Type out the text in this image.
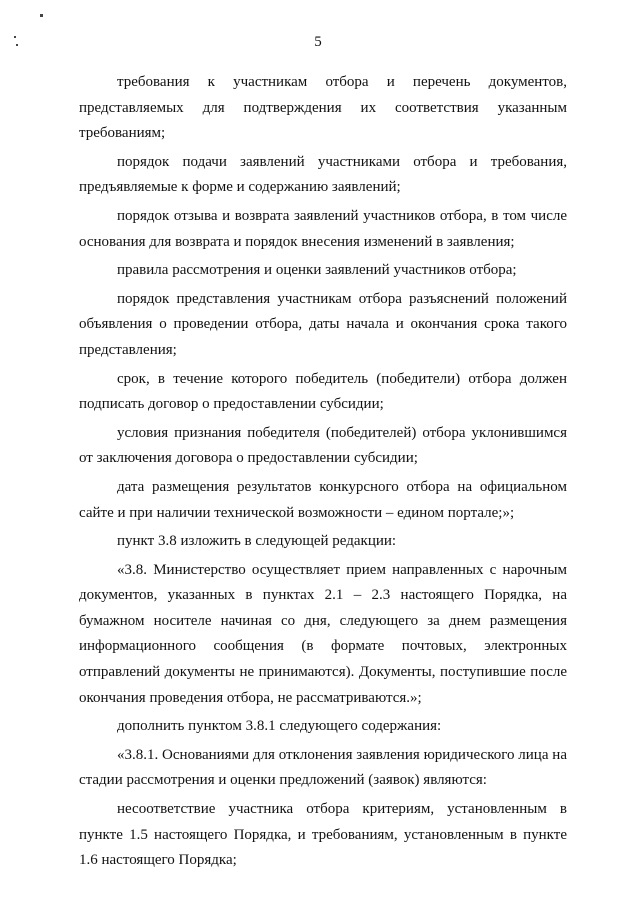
5

требования к участникам отбора и перечень документов, представляемых для подтверждения их соответствия указанным требованиям;

порядок подачи заявлений участниками отбора и требования, предъявляемые к форме и содержанию заявлений;

порядок отзыва и возврата заявлений участников отбора, в том числе основания для возврата и порядок внесения изменений в заявления;

правила рассмотрения и оценки заявлений участников отбора;

порядок представления участникам отбора разъяснений положений объявления о проведении отбора, даты начала и окончания срока такого представления;

срок, в течение которого победитель (победители) отбора должен подписать договор о предоставлении субсидии;

условия признания победителя (победителей) отбора уклонившимся от заключения договора о предоставлении субсидии;

дата размещения результатов конкурсного отбора на официальном сайте и при наличии технической возможности – едином портале;»;

пункт 3.8 изложить в следующей редакции:

«3.8. Министерство осуществляет прием направленных с нарочным документов, указанных в пунктах 2.1 – 2.3 настоящего Порядка, на бумажном носителе начиная со дня, следующего за днем размещения информационного сообщения (в формате почтовых, электронных отправлений документы не принимаются). Документы, поступившие после окончания проведения отбора, не рассматриваются.»;

дополнить пунктом 3.8.1 следующего содержания:

«3.8.1. Основаниями для отклонения заявления юридического лица на стадии рассмотрения и оценки предложений (заявок) являются:

несоответствие участника отбора критериям, установленным в пункте 1.5 настоящего Порядка, и требованиям, установленным в пункте 1.6 настоящего Порядка;
